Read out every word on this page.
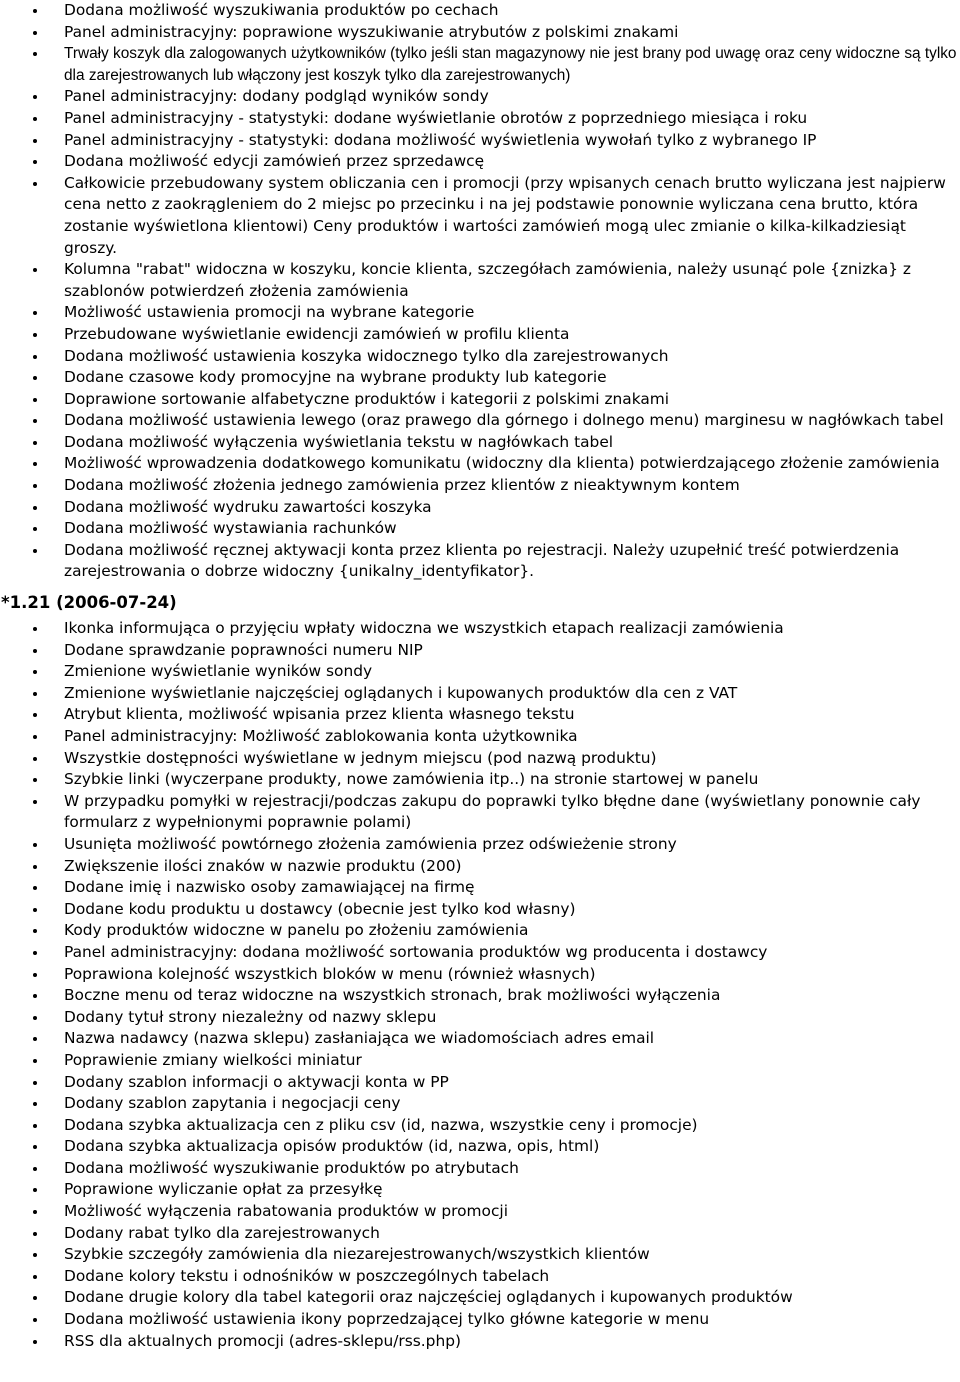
Dodana możliwość wyszukiwania produktów po cechach
Panel administracyjny: poprawione wyszukiwanie atrybutów z polskimi znakami
Trwały koszyk dla zalogowanych użytkowników (tylko jeśli stan magazynowy nie jest brany pod uwagę oraz ceny widoczne są tylko dla zarejestrowanych lub włączony jest koszyk tylko dla zarejestrowanych)
Panel administracyjny: dodany podgląd wyników sondy
Panel administracyjny - statystyki: dodane wyświetlanie obrotów z poprzedniego miesiąca i roku
Panel administracyjny - statystyki: dodana możliwość wyświetlenia wywołań tylko z wybranego IP
Dodana możliwość edycji zamówień przez sprzedawcę
Całkowicie przebudowany system obliczania cen i promocji (przy wpisanych cenach brutto wyliczana jest najpierw cena netto z zaokrągleniem do 2 miejsc po przecinku i na jej podstawie ponownie wyliczana cena brutto, która zostanie wyświetlona klientowi) Ceny produktów i wartości zamówień mogą ulec zmianie o kilka-kilkadziesiąt groszy.
Kolumna "rabat" widoczna w koszyku, koncie klienta, szczegółach zamówienia, należy usunąć pole {znizka} z szablonów potwierdzeń złożenia zamówienia
Możliwość ustawienia promocji na wybrane kategorie
Przebudowane wyświetlanie ewidencji zamówień w profilu klienta
Dodana możliwość ustawienia koszyka widocznego tylko dla zarejestrowanych
Dodane czasowe kody promocyjne na wybrane produkty lub kategorie
Doprawione sortowanie alfabetyczne produktów i kategorii z polskimi znakami
Dodana możliwość ustawienia lewego (oraz prawego dla górnego i dolnego menu) marginesu w nagłówkach tabel
Dodana możliwość wyłączenia wyświetlania tekstu w nagłówkach tabel
Możliwość wprowadzenia dodatkowego komunikatu (widoczny dla klienta) potwierdzającego złożenie zamówienia
Dodana możliwość złożenia jednego zamówienia przez klientów z nieaktywnym kontem
Dodana możliwość wydruku zawartości koszyka
Dodana możliwość wystawiania rachunków
Dodana możliwość ręcznej aktywacji konta przez klienta po rejestracji. Należy uzupełnić treść potwierdzenia zarejestrowania o dobrze widoczny {unikalny_identyfikator}.
*1.21 (2006-07-24)
Ikonka informująca o przyjęciu wpłaty widoczna we wszystkich etapach realizacji zamówienia
Dodane sprawdzanie poprawności numeru NIP
Zmienione wyświetlanie wyników sondy
Zmienione wyświetlanie najczęściej oglądanych i kupowanych produktów dla cen z VAT
Atrybut klienta, możliwość wpisania przez klienta własnego tekstu
Panel administracyjny: Możliwość zablokowania konta użytkownika
Wszystkie dostępności wyświetlane w jednym miejscu (pod nazwą produktu)
Szybkie linki (wyczerpane produkty, nowe zamówienia itp..) na stronie startowej w panelu
W przypadku pomyłki w rejestracji/podczas zakupu do poprawki tylko błędne dane (wyświetlany ponownie cały formularz z wypełnionymi poprawnie polami)
Usunięta możliwość powtórnego złożenia zamówienia przez odświeżenie strony
Zwiększenie ilości znaków w nazwie produktu (200)
Dodane imię i nazwisko osoby zamawiającej na firmę
Dodane kodu produktu u dostawcy (obecnie jest tylko kod własny)
Kody produktów widoczne w panelu po złożeniu zamówienia
Panel administracyjny: dodana możliwość sortowania produktów wg producenta i dostawcy
Poprawiona kolejność wszystkich bloków w menu (również własnych)
Boczne menu od teraz widoczne na wszystkich stronach, brak możliwości wyłączenia
Dodany tytuł strony niezależny od nazwy sklepu
Nazwa nadawcy (nazwa sklepu) zasłaniająca we wiadomościach adres email
Poprawienie zmiany wielkości miniatur
Dodany szablon informacji o aktywacji konta w PP
Dodany szablon zapytania i negocjacji ceny
Dodana szybka aktualizacja cen z pliku csv (id, nazwa, wszystkie ceny i promocje)
Dodana szybka aktualizacja opisów produktów (id, nazwa, opis, html)
Dodana możliwość wyszukiwanie produktów po atrybutach
Poprawione wyliczanie opłat za przesyłkę
Możliwość wyłączenia rabatowania produktów w promocji
Dodany rabat tylko dla zarejestrowanych
Szybkie szczegóły zamówienia dla niezarejestrowanych/wszystkich klientów
Dodane kolory tekstu i odnośników w poszczególnych tabelach
Dodane drugie kolory dla tabel kategorii oraz najczęściej oglądanych i kupowanych produktów
Dodana możliwość ustawienia ikony poprzedzającej tylko główne kategorie w menu
RSS dla aktualnych promocji (adres-sklepu/rss.php)
